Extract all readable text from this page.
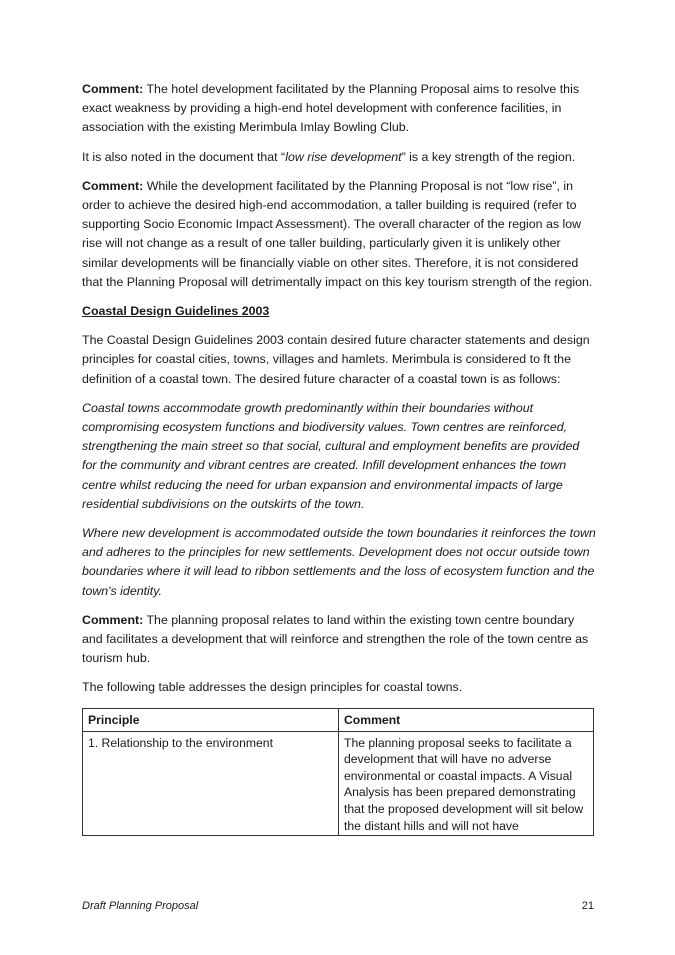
Comment: The hotel development facilitated by the Planning Proposal aims to resolve this exact weakness by providing a high-end hotel development with conference facilities, in association with the existing Merimbula Imlay Bowling Club.

It is also noted in the document that “low rise development” is a key strength of the region.

Comment: While the development facilitated by the Planning Proposal is not “low rise”, in order to achieve the desired high-end accommodation, a taller building is required (refer to supporting Socio Economic Impact Assessment). The overall character of the region as low rise will not change as a result of one taller building, particularly given it is unlikely other similar developments will be financially viable on other sites. Therefore, it is not considered that the Planning Proposal will detrimentally impact on this key tourism strength of the region.

Coastal Design Guidelines 2003

The Coastal Design Guidelines 2003 contain desired future character statements and design principles for coastal cities, towns, villages and hamlets. Merimbula is considered to ft the definition of a coastal town. The desired future character of a coastal town is as follows:

Coastal towns accommodate growth predominantly within their boundaries without compromising ecosystem functions and biodiversity values. Town centres are reinforced, strengthening the main street so that social, cultural and employment benefits are provided for the community and vibrant centres are created. Infill development enhances the town centre whilst reducing the need for urban expansion and environmental impacts of large residential subdivisions on the outskirts of the town.

Where new development is accommodated outside the town boundaries it reinforces the town and adheres to the principles for new settlements. Development does not occur outside town boundaries where it will lead to ribbon settlements and the loss of ecosystem function and the town's identity.

Comment: The planning proposal relates to land within the existing town centre boundary and facilitates a development that will reinforce and strengthen the role of the town centre as tourism hub.

The following table addresses the design principles for coastal towns.

Principle	Comment
1. Relationship to the environment	The planning proposal seeks to facilitate a development that will have no adverse environmental or coastal impacts. A Visual Analysis has been prepared demonstrating that the proposed development will sit below the distant hills and will not have
Draft Planning Proposal	21
